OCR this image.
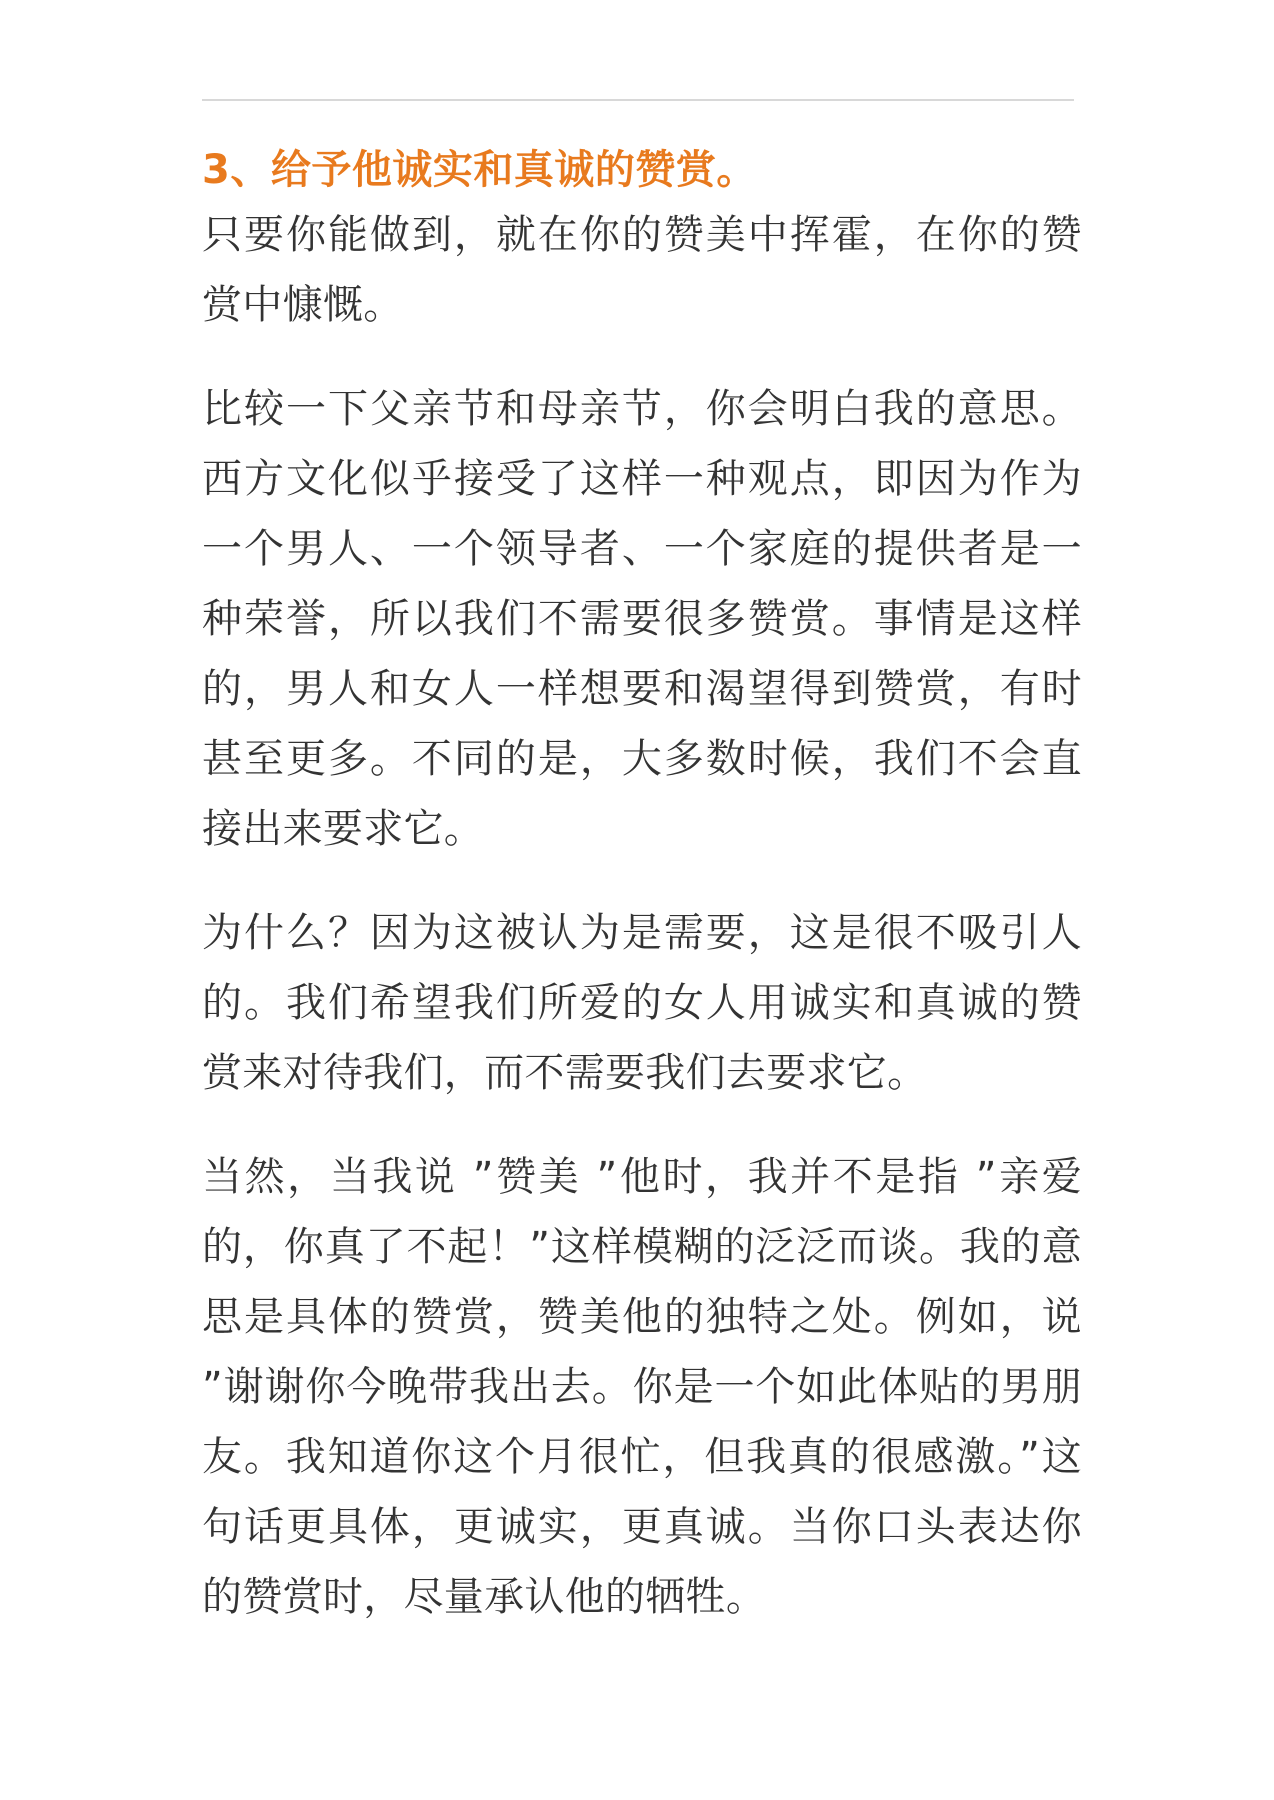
3、给予他诚实和真诚的赞赏。

只要你能做到，就在你的赞美中挥霍，在你的赞赏中慷慨。

比较一下父亲节和母亲节，你会明白我的意思。西方文化似乎接受了这样一种观点，即因为作为一个男人、一个领导者、一个家庭的提供者是一种荣誉，所以我们不需要很多赞赏。事情是这样的，男人和女人一样想要和渴望得到赞赏，有时甚至更多。不同的是，大多数时候，我们不会直接出来要求它。

为什么？因为这被认为是需要，这是很不吸引人的。我们希望我们所爱的女人用诚实和真诚的赞赏来对待我们，而不需要我们去要求它。

当然，当我说 ”赞美 ”他时，我并不是指 ”亲爱的，你真了不起！”这样模糊的泛泛而谈。我的意思是具体的赞赏，赞美他的独特之处。例如，说 ”谢谢你今晚带我出去。你是一个如此体贴的男朋友。我知道你这个月很忙，但我真的很感激。”这句话更具体，更诚实，更真诚。当你口头表达你的赞赏时，尽量承认他的牺牲。
